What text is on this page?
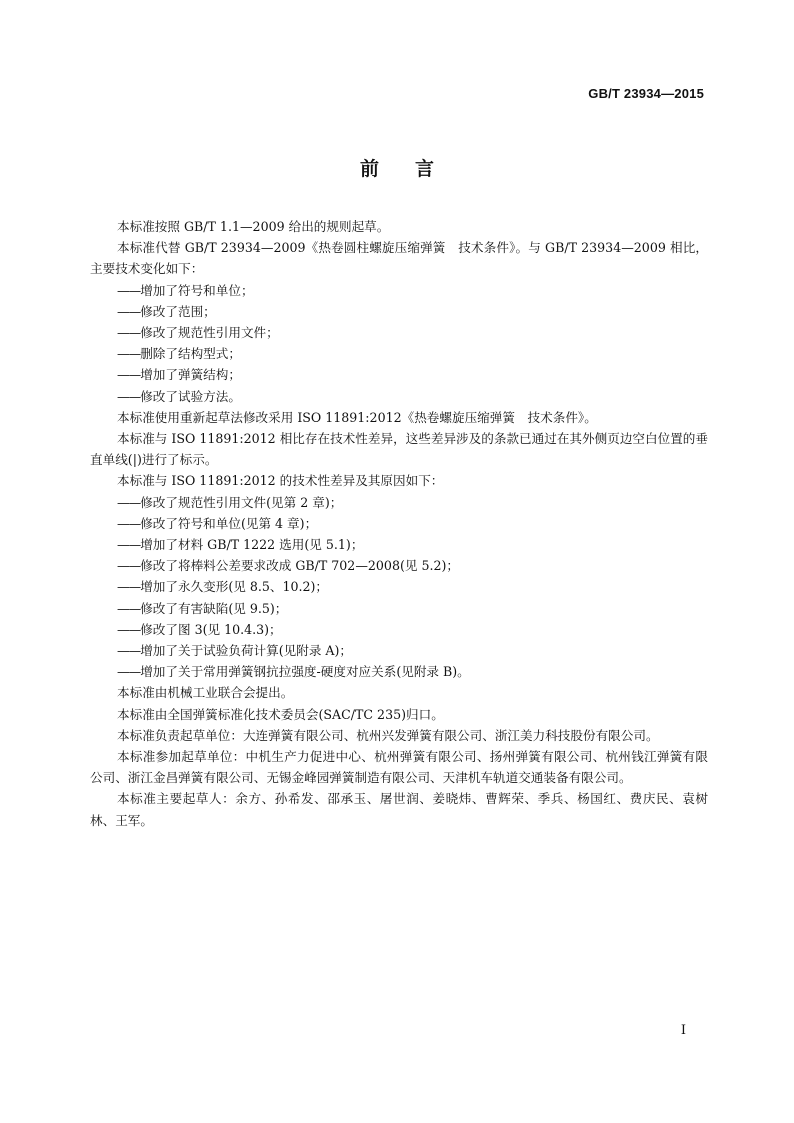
GB/T 23934—2015
前言

本标准按照 GB/T 1.1—2009 给出的规则起草。

本标准代替 GB/T 23934—2009《热卷圆柱螺旋压缩弹簧　技术条件》。与 GB/T 23934—2009 相比，主要技术变化如下：

——增加了符号和单位；

——修改了范围；

——修改了规范性引用文件；

——删除了结构型式；

——增加了弹簧结构；

——修改了试验方法。

本标准使用重新起草法修改采用 ISO 11891:2012《热卷螺旋压缩弹簧　技术条件》。

本标准与 ISO 11891:2012 相比存在技术性差异，这些差异涉及的条款已通过在其外侧页边空白位置的垂直单线(|)进行了标示。

本标准与 ISO 11891:2012 的技术性差异及其原因如下：

——修改了规范性引用文件(见第 2 章)；

——修改了符号和单位(见第 4 章)；

——增加了材料 GB/T 1222 选用(见 5.1)；

——修改了将棒料公差要求改成 GB/T 702—2008(见 5.2)；

——增加了永久变形(见 8.5、10.2)；

——修改了有害缺陷(见 9.5)；

——修改了图 3(见 10.4.3)；

——增加了关于试验负荷计算(见附录 A)；

——增加了关于常用弹簧钢抗拉强度-硬度对应关系(见附录 B)。

本标准由机械工业联合会提出。

本标准由全国弹簧标准化技术委员会(SAC/TC 235)归口。

本标准负责起草单位：大连弹簧有限公司、杭州兴发弹簧有限公司、浙江美力科技股份有限公司。

本标准参加起草单位：中机生产力促进中心、杭州弹簧有限公司、扬州弹簧有限公司、杭州钱江弹簧有限公司、浙江金昌弹簧有限公司、无锡金峰园弹簧制造有限公司、天津机车轨道交通装备有限公司。

本标准主要起草人：余方、孙希发、邵承玉、屠世润、姜晓炜、曹辉荣、季兵、杨国红、费庆民、袁树林、王军。

I
